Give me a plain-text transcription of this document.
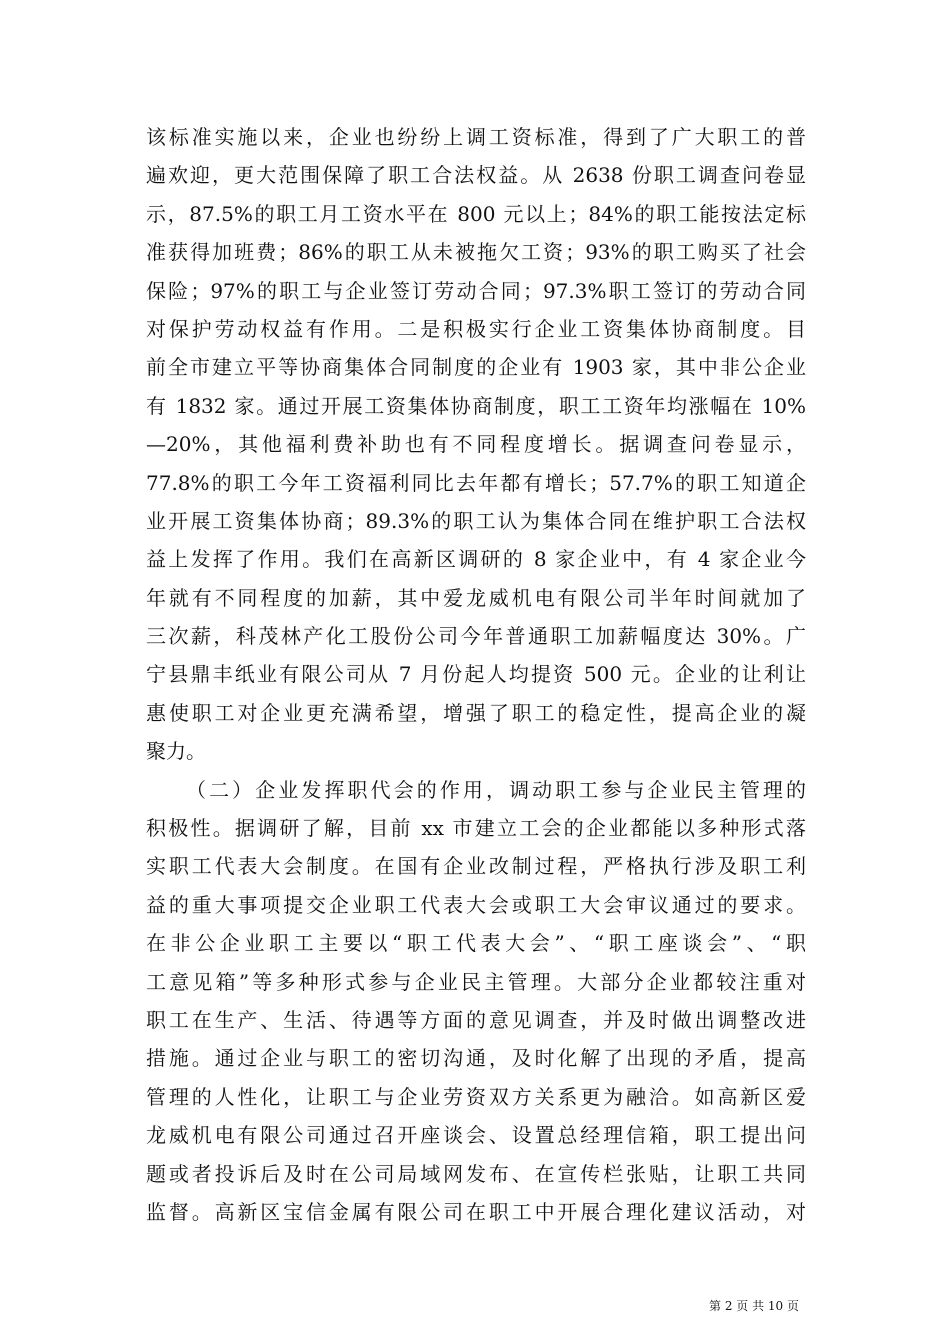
该标准实施以来，企业也纷纷上调工资标准，得到了广大职工的普
遍欢迎，更大范围保障了职工合法权益。从 2638 份职工调查问卷显
示，87.5%的职工月工资水平在 800 元以上；84%的职工能按法定标
准获得加班费；86%的职工从未被拖欠工资；93%的职工购买了社会
保险；97%的职工与企业签订劳动合同；97.3%职工签订的劳动合同
对保护劳动权益有作用。二是积极实行企业工资集体协商制度。目
前全市建立平等协商集体合同制度的企业有 1903 家，其中非公企业
有 1832 家。通过开展工资集体协商制度，职工工资年均涨幅在 10%
—20%，其他福利费补助也有不同程度增长。据调查问卷显示，
77.8%的职工今年工资福利同比去年都有增长；57.7%的职工知道企
业开展工资集体协商；89.3%的职工认为集体合同在维护职工合法权
益上发挥了作用。我们在高新区调研的 8 家企业中，有 4 家企业今
年就有不同程度的加薪，其中爱龙威机电有限公司半年时间就加了
三次薪，科茂林产化工股份公司今年普通职工加薪幅度达 30%。广
宁县鼎丰纸业有限公司从 7 月份起人均提资 500 元。企业的让利让
惠使职工对企业更充满希望，增强了职工的稳定性，提高企业的凝
聚力。
（二）企业发挥职代会的作用，调动职工参与企业民主管理的
积极性。据调研了解，目前 xx 市建立工会的企业都能以多种形式落
实职工代表大会制度。在国有企业改制过程，严格执行涉及职工利
益的重大事项提交企业职工代表大会或职工大会审议通过的要求。
在非公企业职工主要以“职工代表大会”、“职工座谈会”、“职
工意见箱”等多种形式参与企业民主管理。大部分企业都较注重对
职工在生产、生活、待遇等方面的意见调查，并及时做出调整改进
措施。通过企业与职工的密切沟通，及时化解了出现的矛盾，提高
管理的人性化，让职工与企业劳资双方关系更为融洽。如高新区爱
龙威机电有限公司通过召开座谈会、设置总经理信箱，职工提出问
题或者投诉后及时在公司局域网发布、在宣传栏张贴，让职工共同
监督。高新区宝信金属有限公司在职工中开展合理化建议活动，对
第 2 页 共 10 页
